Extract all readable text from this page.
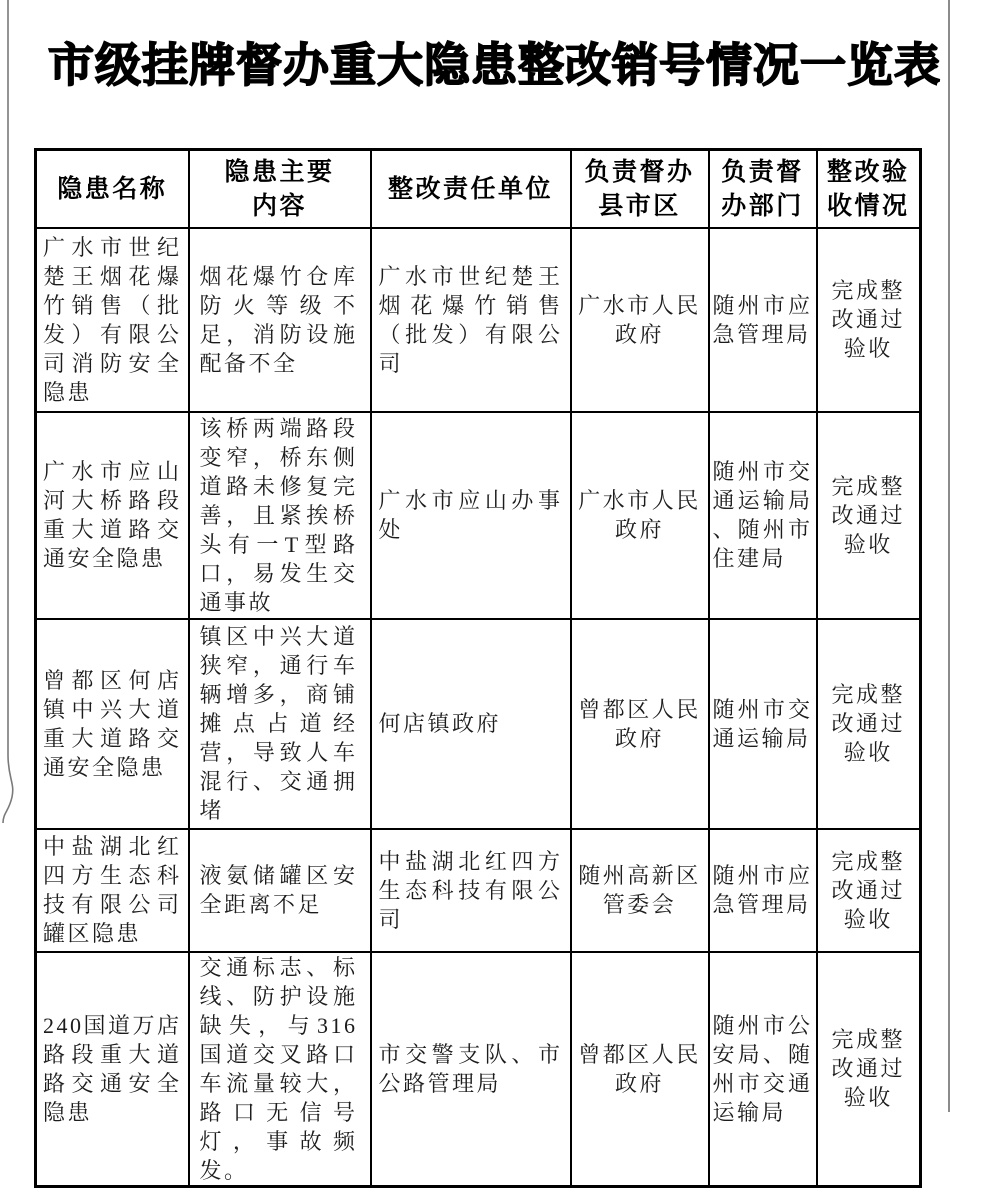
市级挂牌督办重大隐患整改销号情况一览表
隐患名称	隐患主要内容	整改责任单位	负责督办县市区	负责督办部门	整改验收情况

广水市世纪楚王烟花爆竹销售（批发）有限公司消防安全隐患	烟花爆竹仓库防火等级不足，消防设施配备不全	广水市世纪楚王烟花爆竹销售（批发）有限公司	广水市人民政府	随州市应急管理局	完成整改通过验收
广水市应山河大桥路段重大道路交通安全隐患	该桥两端路段变窄，桥东侧道路未修复完善，且紧挨桥头有一T型路口，易发生交通事故	广水市应山办事处	广水市人民政府	随州市交通运输局、随州市住建局	完成整改通过验收
曾都区何店镇中兴大道重大道路交通安全隐患	镇区中兴大道狭窄，通行车辆增多，商铺摊点占道经营，导致人车混行、交通拥堵	何店镇政府	曾都区人民政府	随州市交通运输局	完成整改通过验收
中盐湖北红四方生态科技有限公司罐区隐患	液氨储罐区安全距离不足	中盐湖北红四方生态科技有限公司	随州高新区管委会	随州市应急管理局	完成整改通过验收
240国道万店路段重大道路交通安全隐患	交通标志、标线、防护设施缺失，与316国道交叉路口车流量较大，路口无信号灯，事故频发。	市交警支队、市公路管理局	曾都区人民政府	随州市公安局、随州市交通运输局	完成整改通过验收
